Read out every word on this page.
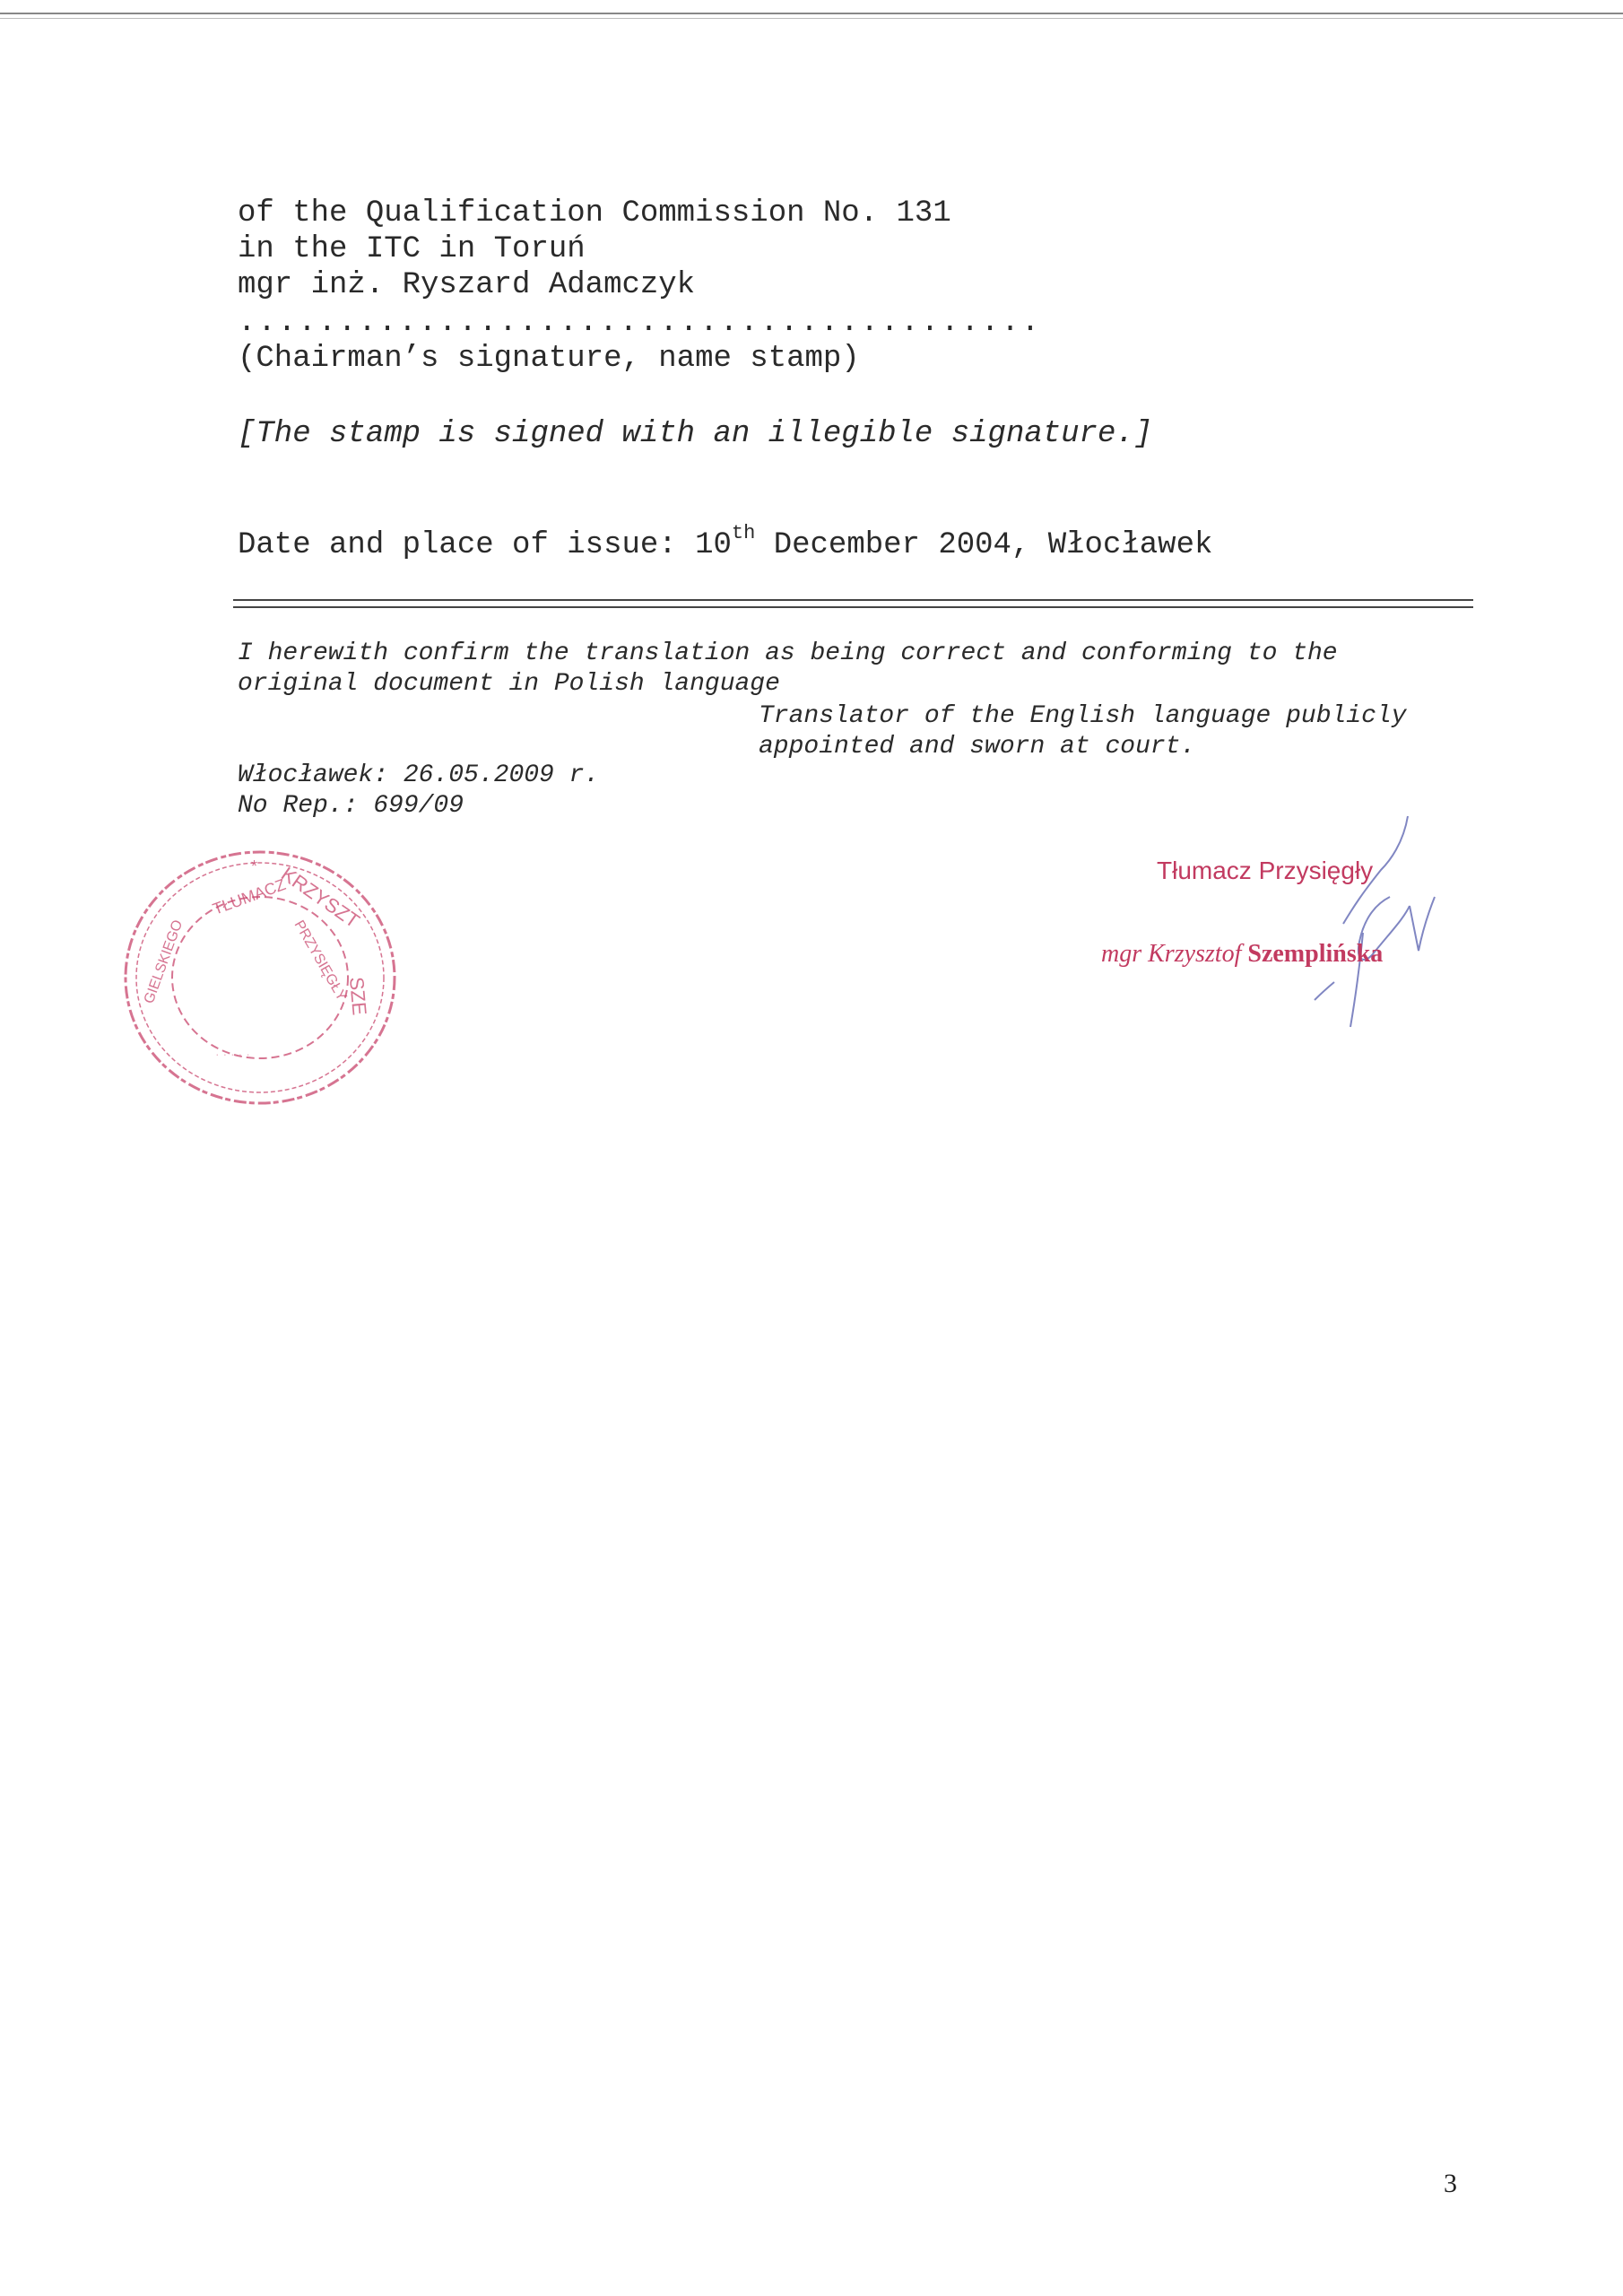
of the Qualification Commission No. 131
in the ITC in Toruń
mgr inż. Ryszard Adamczyk
........................................
(Chairman’s signature, name stamp)
[The stamp is signed with an illegible signature.]
Date and place of issue: 10th December 2004, Włocławek
I herewith confirm the translation as being correct and conforming to the
original document in Polish language
Translator of the English language publicly
appointed and sworn at court.
Włocławek: 26.05.2009 r.
No Rep.: 699/09
KRZYSZT
SZE
TŁUMACZ
PRZYSIĘGŁY
*
GIELSKIEGO
· · · · ·
Tłumacz Przysięgły
mgr Krzysztof Szemplińska
3
